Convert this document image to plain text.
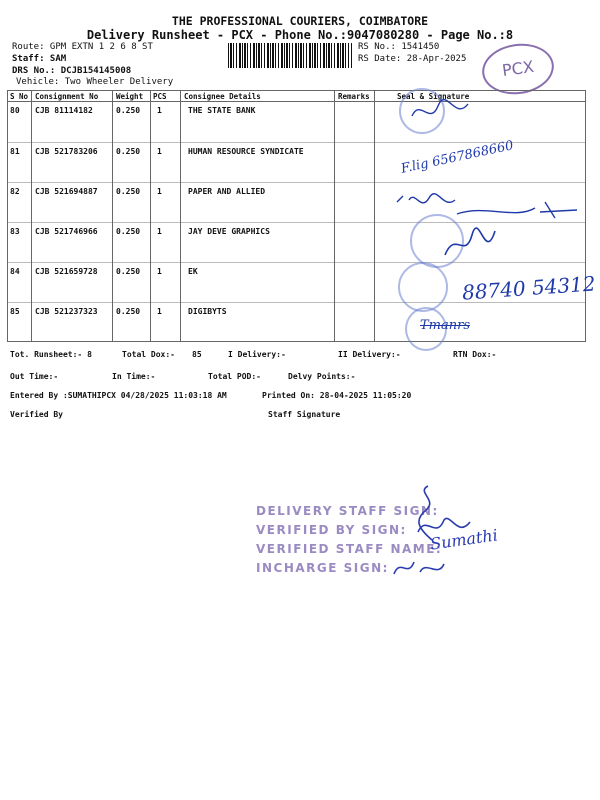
THE PROFESSIONAL COURIERS, COIMBATORE
Delivery Runsheet - PCX - Phone No.:9047080280 - Page No.:8
Route: GPM EXTN 1 2 6 8 ST
Staff: SAM
DRS No.: DCJB154145008
Vehicle: Two Wheeler Delivery
RS No.: 1541450
RS Date: 28-Apr-2025	PCX
S No Consignment No Weight PCS Consignee Details	Remarks	Seal & Signature
80 CJB 81114182	0.250 1	THE STATE BANK
81 CJB 521783206 0.250 1	HUMAN RESOURCE SYNDICATE
82 CJB 521694887 0.250 1	PAPER AND ALLIED
83 CJB 521746966 0.250 1	JAY DEVE GRAPHICS
84 CJB 521659728 0.250 1	EK
85 CJB 521237323 0.250 1	DIGIBYTS
F.lig 6567868660
88740 54312
Tmanrs
Tot. Runsheet:- 8	Total Dox:- 85	I Delivery:-	II Delivery:-	RTN Dox:-
Out Time:-	In Time:-	Total POD:-	Delvy Points:-
Entered By :SUMATHIPCX 04/28/2025 11:03:18 AM	Printed On: 28-04-2025 11:05:20
Verified By	Staff Signature
DELIVERY STAFF SIGN:
VERIFIED BY SIGN:
VERIFIED STAFF NAME:
INCHARGE SIGN:
Sumathi
